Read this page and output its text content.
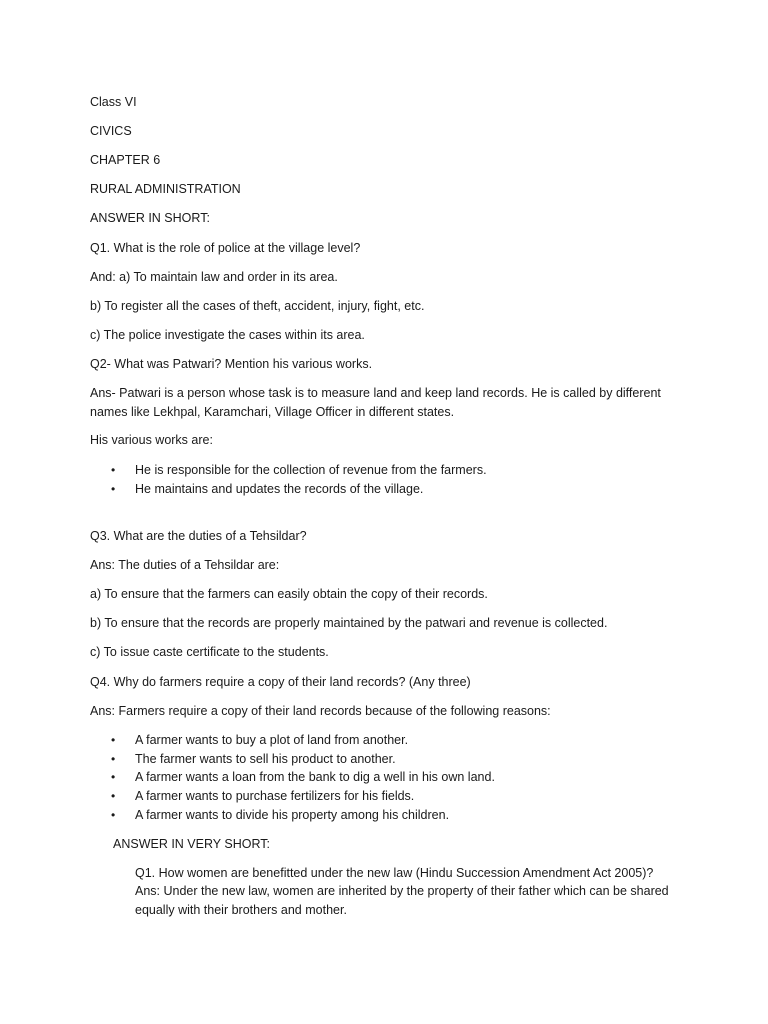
Class VI
CIVICS
CHAPTER 6
RURAL ADMINISTRATION
ANSWER IN SHORT:
Q1. What is the role of police at the village level?
And: a) To maintain law and order in its area.
b) To register all the cases of theft, accident, injury, fight, etc.
c) The police investigate the cases within its area.
Q2- What was Patwari? Mention his various works.
Ans- Patwari is a person whose task is to measure land and keep land records. He is called by different names like Lekhpal, Karamchari, Village Officer in different states.
His various works are:
• He is responsible for the collection of revenue from the farmers.
• He maintains and updates the records of the village.
Q3. What are the duties of a Tehsildar?
Ans: The duties of a Tehsildar are:
a) To ensure that the farmers can easily obtain the copy of their records.
b) To ensure that the records are properly maintained by the patwari and revenue is collected.
c) To issue caste certificate to the students.
Q4. Why do farmers require a copy of their land records? (Any three)
Ans: Farmers require a copy of their land records because of the following reasons:
• A farmer wants to buy a plot of land from another.
• The farmer wants to sell his product to another.
• A farmer wants a loan from the bank to dig a well in his own land.
• A farmer wants to purchase fertilizers for his fields.
• A farmer wants to divide his property among his children.
ANSWER IN VERY SHORT:
Q1. How women are benefitted under the new law (Hindu Succession Amendment Act 2005)?
Ans: Under the new law, women are inherited by the property of their father which can be shared equally with their brothers and mother.
